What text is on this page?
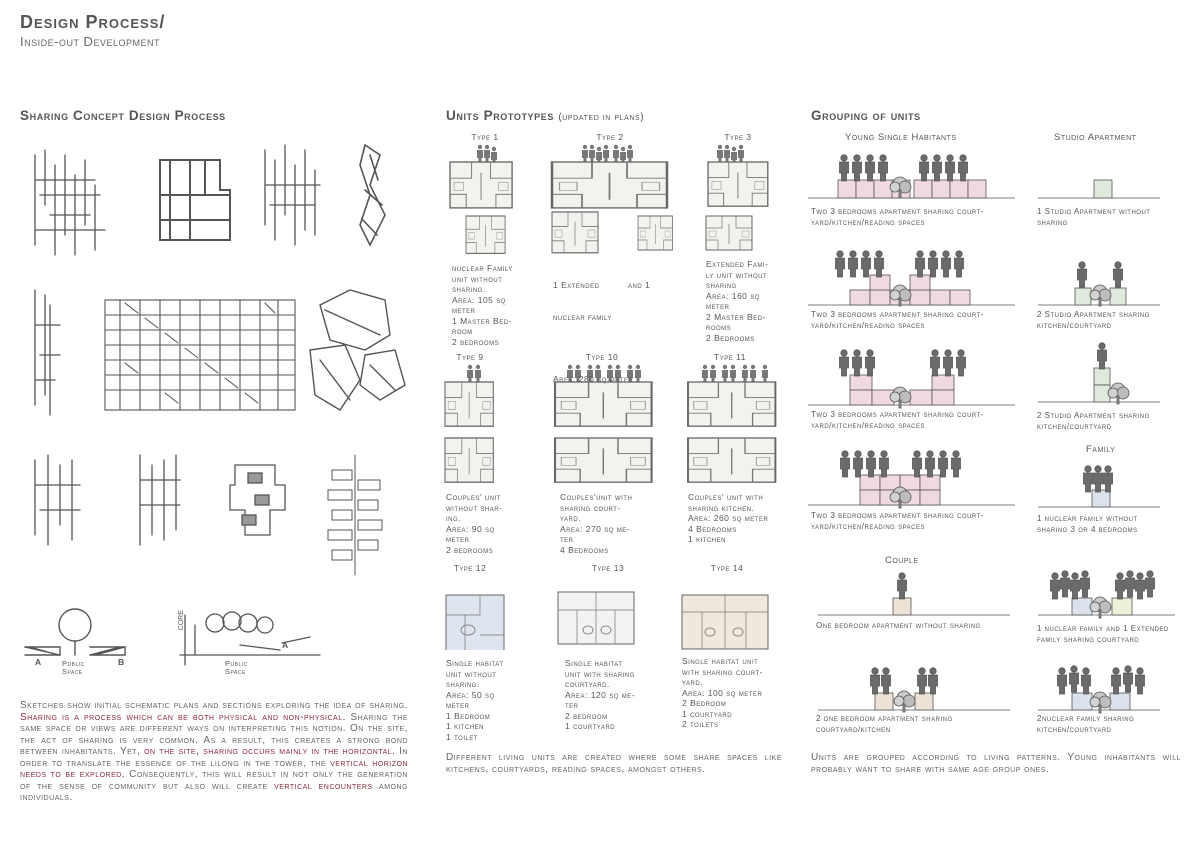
Design Process/
Inside-out Development
Sharing Concept Design Process
A	B
Public Space
Public Space
A
CORE
Sketches show initial schematic plans and sections exploring the idea of sharing. Sharing is a process which can be both physical and non-physical. Sharing the same space or views are different ways on interpreting this notion. On the site, the act of sharing is very common. As a result, this creates a strong bond between inhabitants. Yet, on the site, sharing occurs mainly in the horizontal. In order to translate the essence of the lilong in the tower, the vertical horizon needs to be explored. Consequently, this will result in not only the generation of the sense of community but also will create vertical encounters among individuals.
Units Prototypes (updated in plans)
Type 1	Type 2	Type 3
Type 9	Type 10	Type 11
Type 12	Type 13	Type 14
nuclear Family
unit without
sharing.
Area: 105 sq
meter
1 Master Bed-
room
2 bedrooms

1 Extended          and 1

nuclear family

Area: 280 sq meter

Extended Fami-
ly unit without
sharing
Area: 160 sq
meter
2 Master Bed-
rooms
2 Bedrooms
Couples' unit
without shar-
ing.
Area: 90 sq
meter
2 bedrooms
Couples'unit with
sharing court-
yard.
Area: 270 sq me-
ter
4 Bedrooms
Couples' unit with
sharing kitchen.
Area: 260 sq meter
4 Bedrooms
1 kitchen
Single habitat
unit without
sharing.
Area: 50 sq
meter
1 Bedroom
1 kitchen
1 toilet
Single habitat
unit with sharing
courtyard.
Area: 120 sq me-
ter
2 bedroom
1 courtyard
Single habitat unit
with sharing court-
yard.
Area: 100 sq meter
2 Bedroom
1 courtyard
2 toilets
Different living units are created where some share spaces like kitchens, courtyards, reading spaces, amongst others.
Grouping of units
Young Single Habitants	Studio Apartment
Family
Couple
Two 3 bedrooms apartment sharing court-
yard/kitchen/reading spaces
Two 3 bedrooms apartment sharing court-
yard/kitchen/reading spaces
Two 3 bedrooms apartment sharing court-
yard/kitchen/reading spaces
Two 3 bedrooms apartment sharing court-
yard/kitchen/reading spaces
1 Studio Apartment without
sharing
2 Studio Apartment sharing
kitchen/courtyard
2 Studio Apartment sharing
kitchen/courtyard
1 nuclear family without
sharing 3 or 4 bedrooms
One bedroom apartment without sharing	1 nuclear family and 1 Extended
family sharing courtyard
2 one bedroom apartment sharing
courtyard/kitchen
2nuclear family sharing
kitchen/courtyard
Units are grouped according to living patterns. Young inhabitants will probably want to share with same age group ones.
